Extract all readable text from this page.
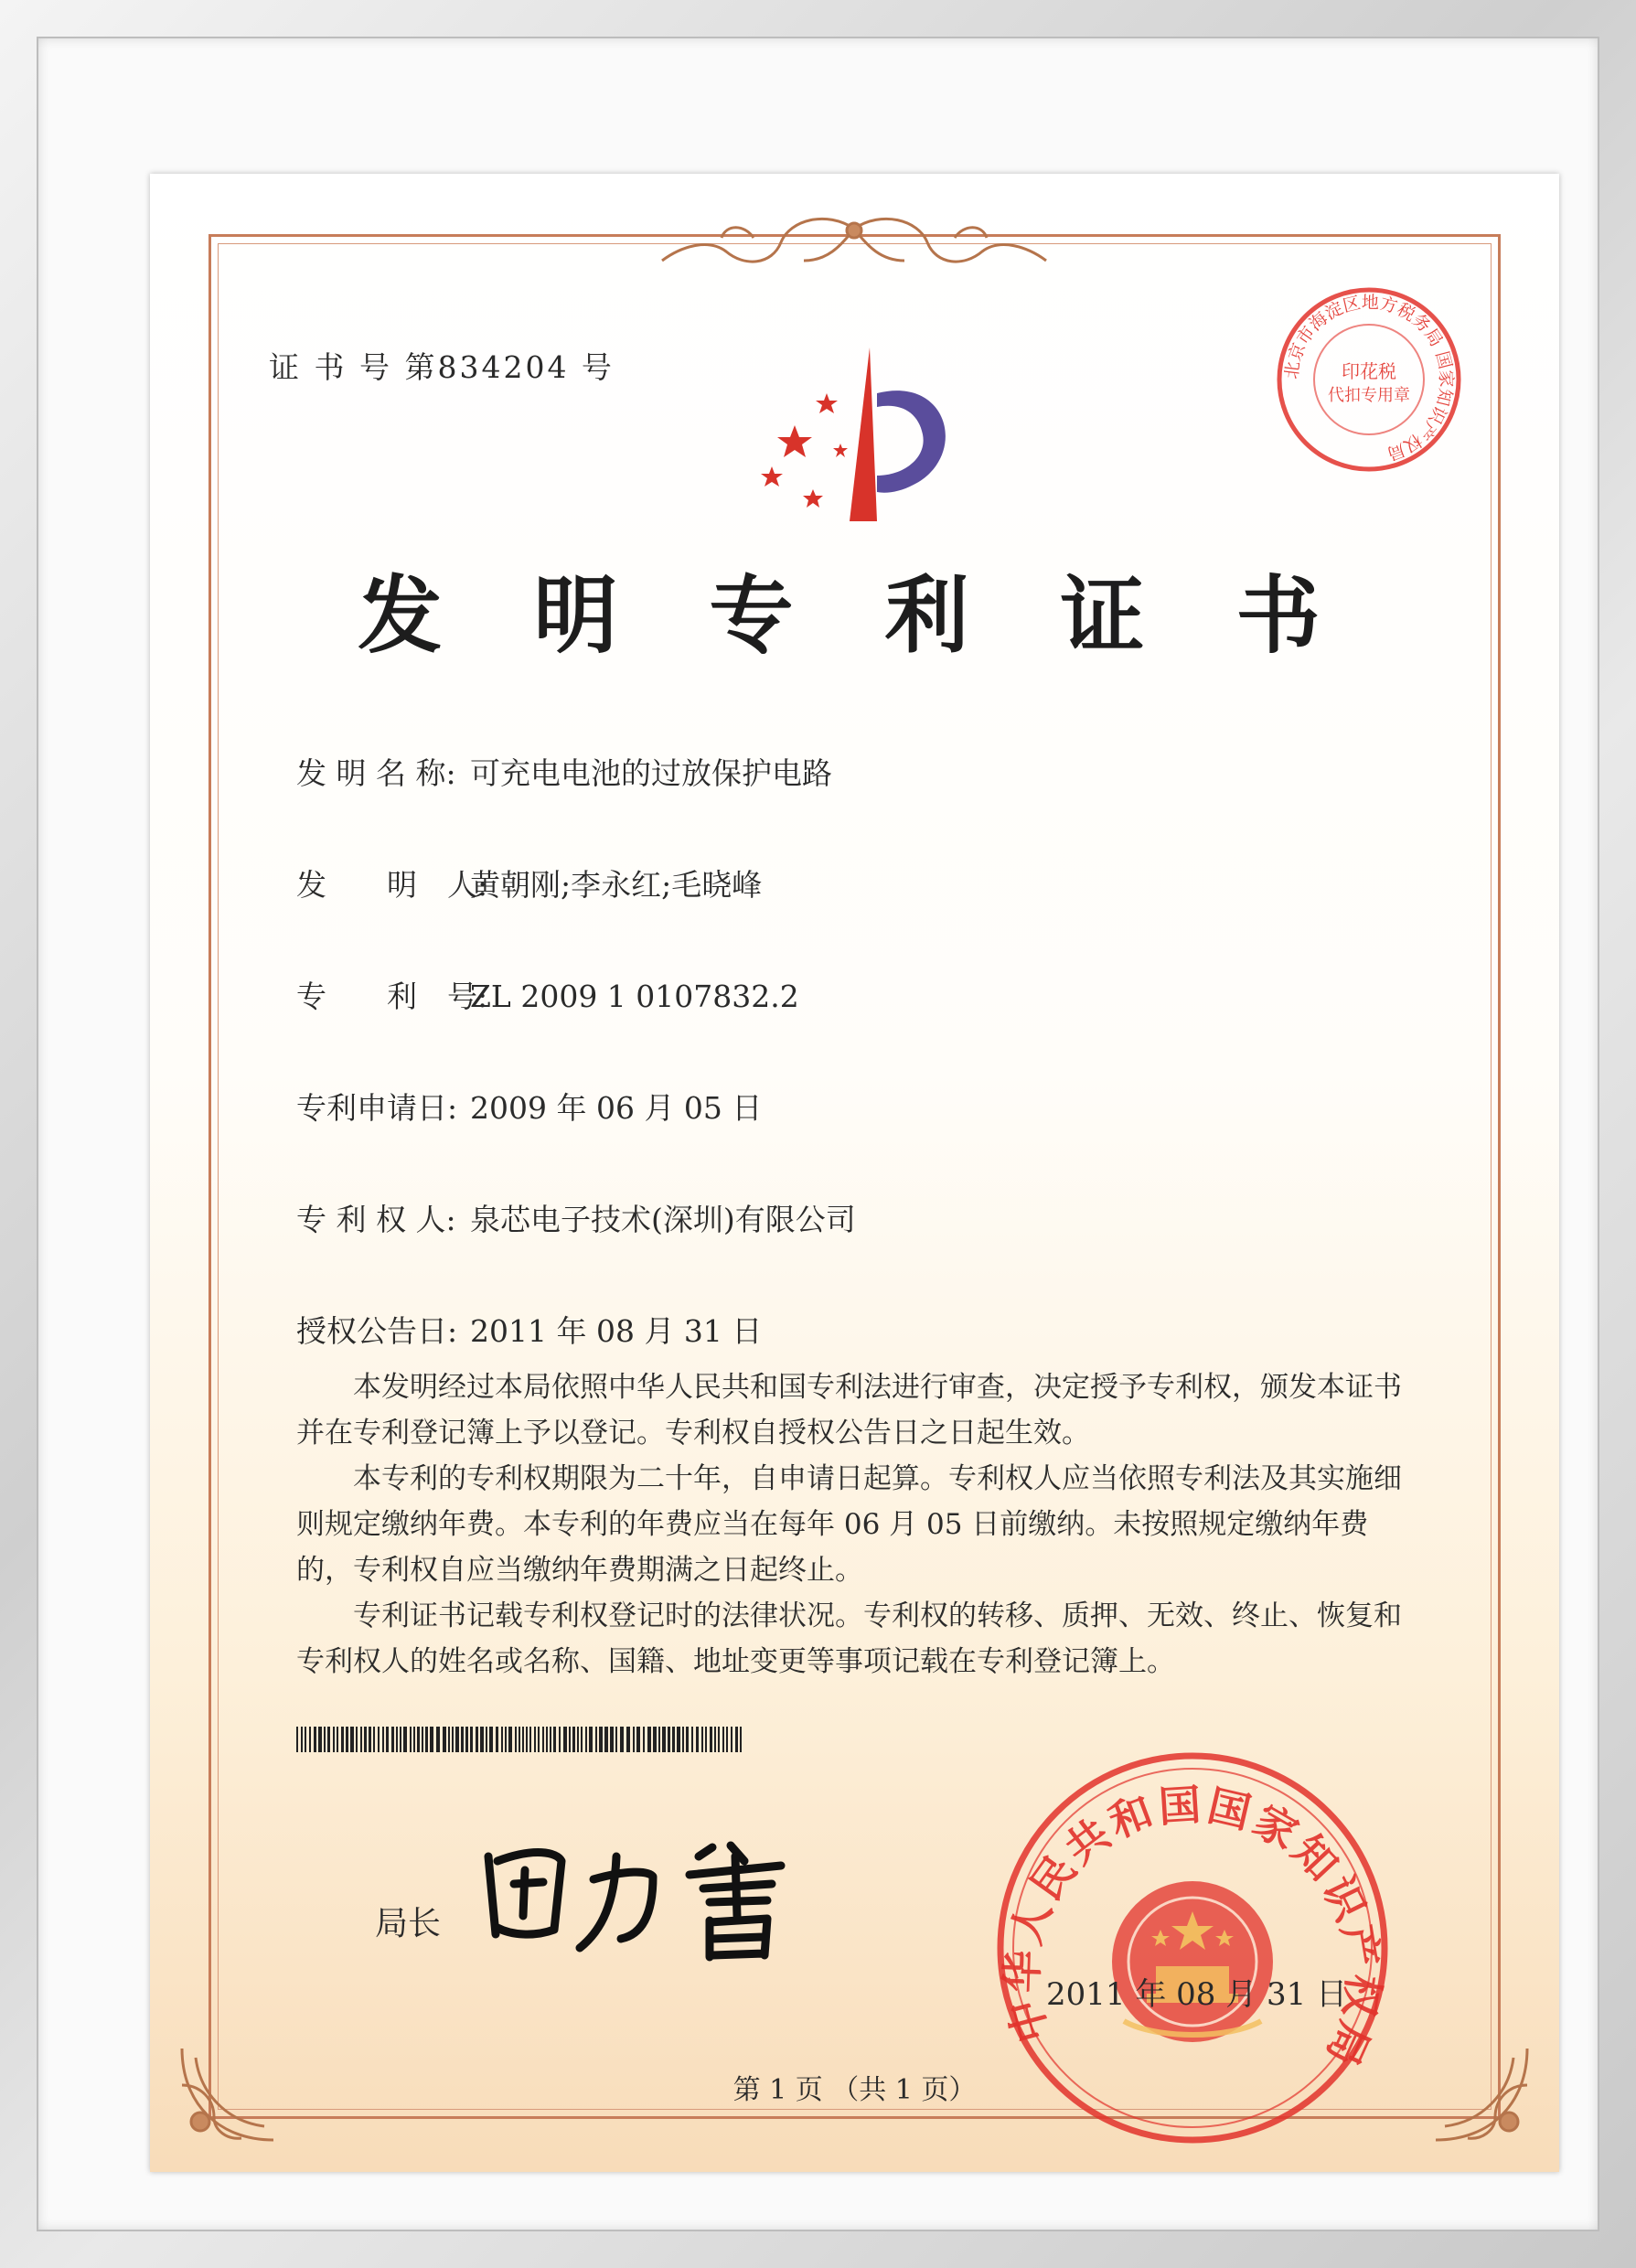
证 书 号 第834204 号	北京市海淀区地方税务局 国家知识产权局
印花税
代扣专用章
发 明 专 利 证 书
发 明 名 称: 可充电电池的过放保护电路
发　　明　人:黄朝刚;李永红;毛晓峰
专　　利　号:ZL 2009 1 0107832.2
专利申请日: 2009 年 06 月 05 日
专 利 权 人: 泉芯电子技术(深圳)有限公司
授权公告日: 2011 年 08 月 31 日

本发明经过本局依照中华人民共和国专利法进行审查，决定授予专利权，颁发本证书并在专利登记簿上予以登记。专利权自授权公告日之日起生效。

本专利的专利权期限为二十年，自申请日起算。专利权人应当依照专利法及其实施细则规定缴纳年费。本专利的年费应当在每年 06 月 05 日前缴纳。未按照规定缴纳年费的，专利权自应当缴纳年费期满之日起终止。

专利证书记载专利权登记时的法律状况。专利权的转移、质押、无效、终止、恢复和专利权人的姓名或名称、国籍、地址变更等事项记载在专利登记簿上。

局长
中华人民共和国国家知识产权局
2011 年 08 月 31 日
第 1 页 （共 1 页）
